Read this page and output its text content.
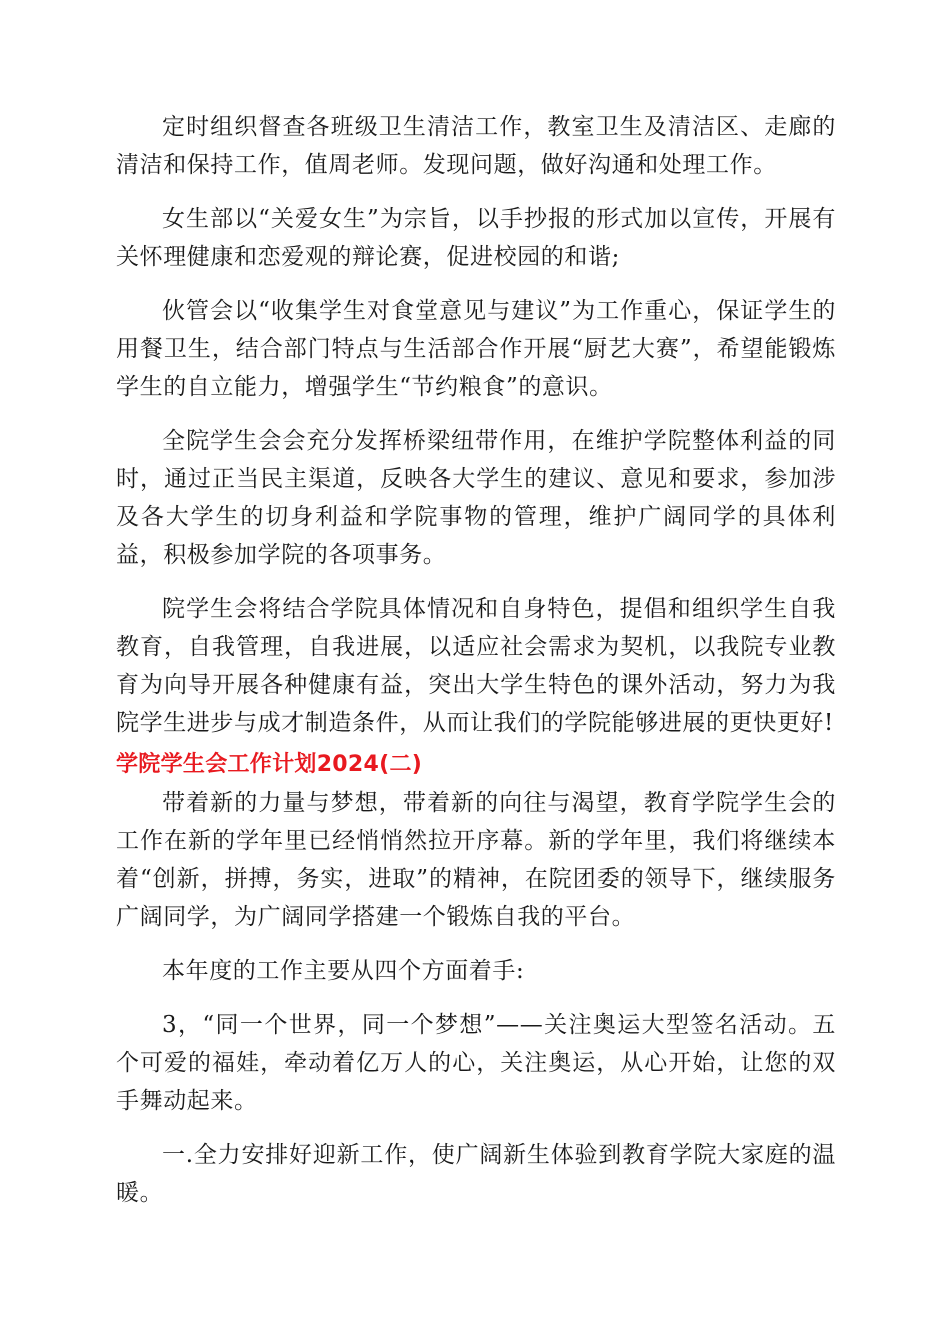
定时组织督查各班级卫生清洁工作，教室卫生及清洁区、走廊的清洁和保持工作，值周老师。发现问题，做好沟通和处理工作。

女生部以“关爱女生”为宗旨，以手抄报的形式加以宣传，开展有关怀理健康和恋爱观的辩论赛，促进校园的和谐;

伙管会以“收集学生对食堂意见与建议”为工作重心，保证学生的用餐卫生，结合部门特点与生活部合作开展“厨艺大赛”，希望能锻炼学生的自立能力，增强学生“节约粮食”的意识。

全院学生会会充分发挥桥梁纽带作用，在维护学院整体利益的同时，通过正当民主渠道，反映各大学生的建议、意见和要求，参加涉及各大学生的切身利益和学院事物的管理，维护广阔同学的具体利益，积极参加学院的各项事务。

院学生会将结合学院具体情况和自身特色，提倡和组织学生自我教育，自我管理，自我进展，以适应社会需求为契机，以我院专业教育为向导开展各种健康有益，突出大学生特色的课外活动，努力为我院学生进步与成才制造条件，从而让我们的学院能够进展的更快更好!

学院学生会工作计划2024(二)

带着新的力量与梦想，带着新的向往与渴望，教育学院学生会的工作在新的学年里已经悄悄然拉开序幕。新的学年里，我们将继续本着“创新，拼搏，务实，进取”的精神，在院团委的领导下，继续服务广阔同学，为广阔同学搭建一个锻炼自我的平台。

本年度的工作主要从四个方面着手:

3，“同一个世界，同一个梦想”——关注奥运大型签名活动。五个可爱的福娃，牵动着亿万人的心，关注奥运，从心开始，让您的双手舞动起来。

一.全力安排好迎新工作，使广阔新生体验到教育学院大家庭的温暖。
